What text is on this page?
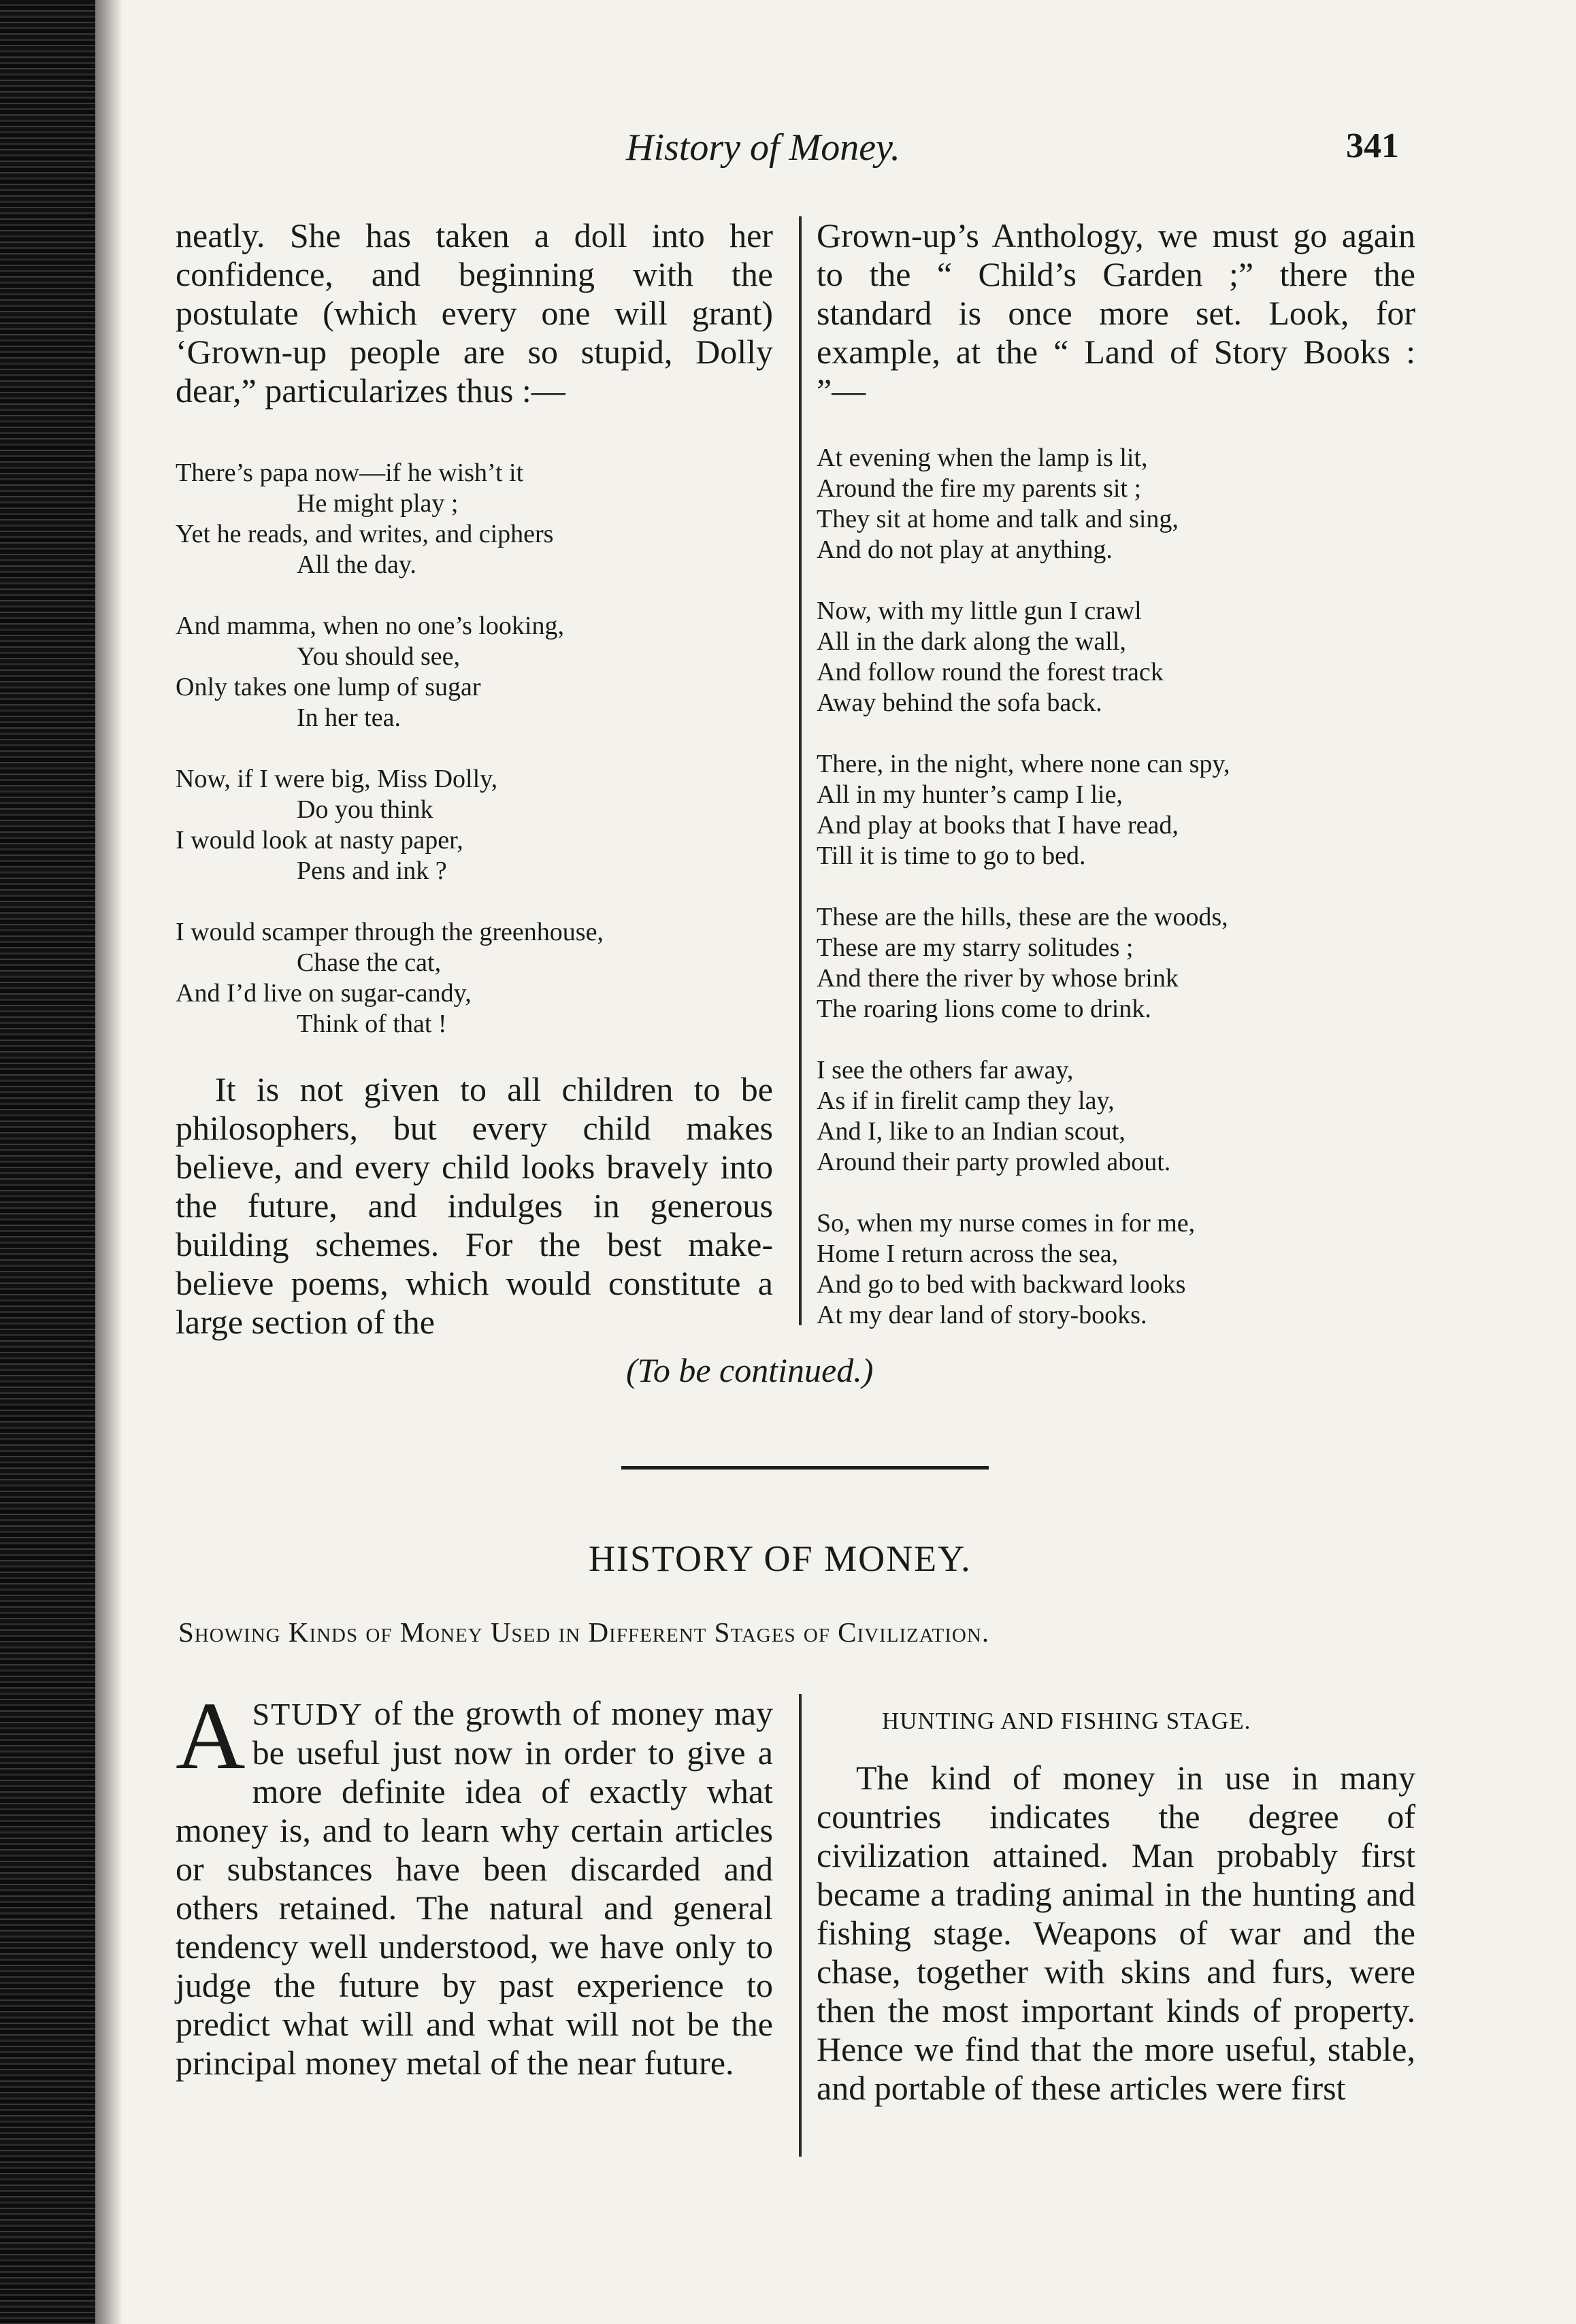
History of Money.	341

neatly. She has taken a doll into her confidence, and beginning with the postulate (which every one will grant) ‘Grown-up people are so stupid, Dolly dear,” particularizes thus :—

There’s papa now—if he wish’t it
He might play ;
Yet he reads, and writes, and ciphers
All the day.
And mamma, when no one’s looking,
You should see,
Only takes one lump of sugar
In her tea.
Now, if I were big, Miss Dolly,
Do you think
I would look at nasty paper,
Pens and ink ?
I would scamper through the greenhouse,
Chase the cat,
And I’d live on sugar-candy,
Think of that !

It is not given to all children to be philosophers, but every child makes believe, and every child looks bravely into the future, and indulges in generous building schemes. For the best make-believe poems, which would constitute a large section of the

Grown-up’s Anthology, we must go again to the “ Child’s Garden ;” there the standard is once more set. Look, for example, at the “ Land of Story Books : ”—

At evening when the lamp is lit,
Around the fire my parents sit ;
They sit at home and talk and sing,
And do not play at anything.
Now, with my little gun I crawl
All in the dark along the wall,
And follow round the forest track
Away behind the sofa back.
There, in the night, where none can spy,
All in my hunter’s camp I lie,
And play at books that I have read,
Till it is time to go to bed.
These are the hills, these are the woods,
These are my starry solitudes ;
And there the river by whose brink
The roaring lions come to drink.
I see the others far away,
As if in firelit camp they lay,
And I, like to an Indian scout,
Around their party prowled about.
So, when my nurse comes in for me,
Home I return across the sea,
And go to bed with backward looks
At my dear land of story-books.
(To be continued.)
HISTORY OF MONEY.
Showing Kinds of Money Used in Different Stages of Civilization.
A STUDY of the growth of money may be useful just now in order to give a more definite idea of exactly what money is, and to learn why certain articles or substances have been discarded and others retained. The natural and general tendency well understood, we have only to judge the future by past experience to predict what will and what will not be the principal money metal of the near future.
HUNTING AND FISHING STAGE.

The kind of money in use in many countries indicates the degree of civilization attained. Man probably first became a trading animal in the hunting and fishing stage. Weapons of war and the chase, together with skins and furs, were then the most important kinds of property. Hence we find that the more useful, stable, and portable of these articles were first
